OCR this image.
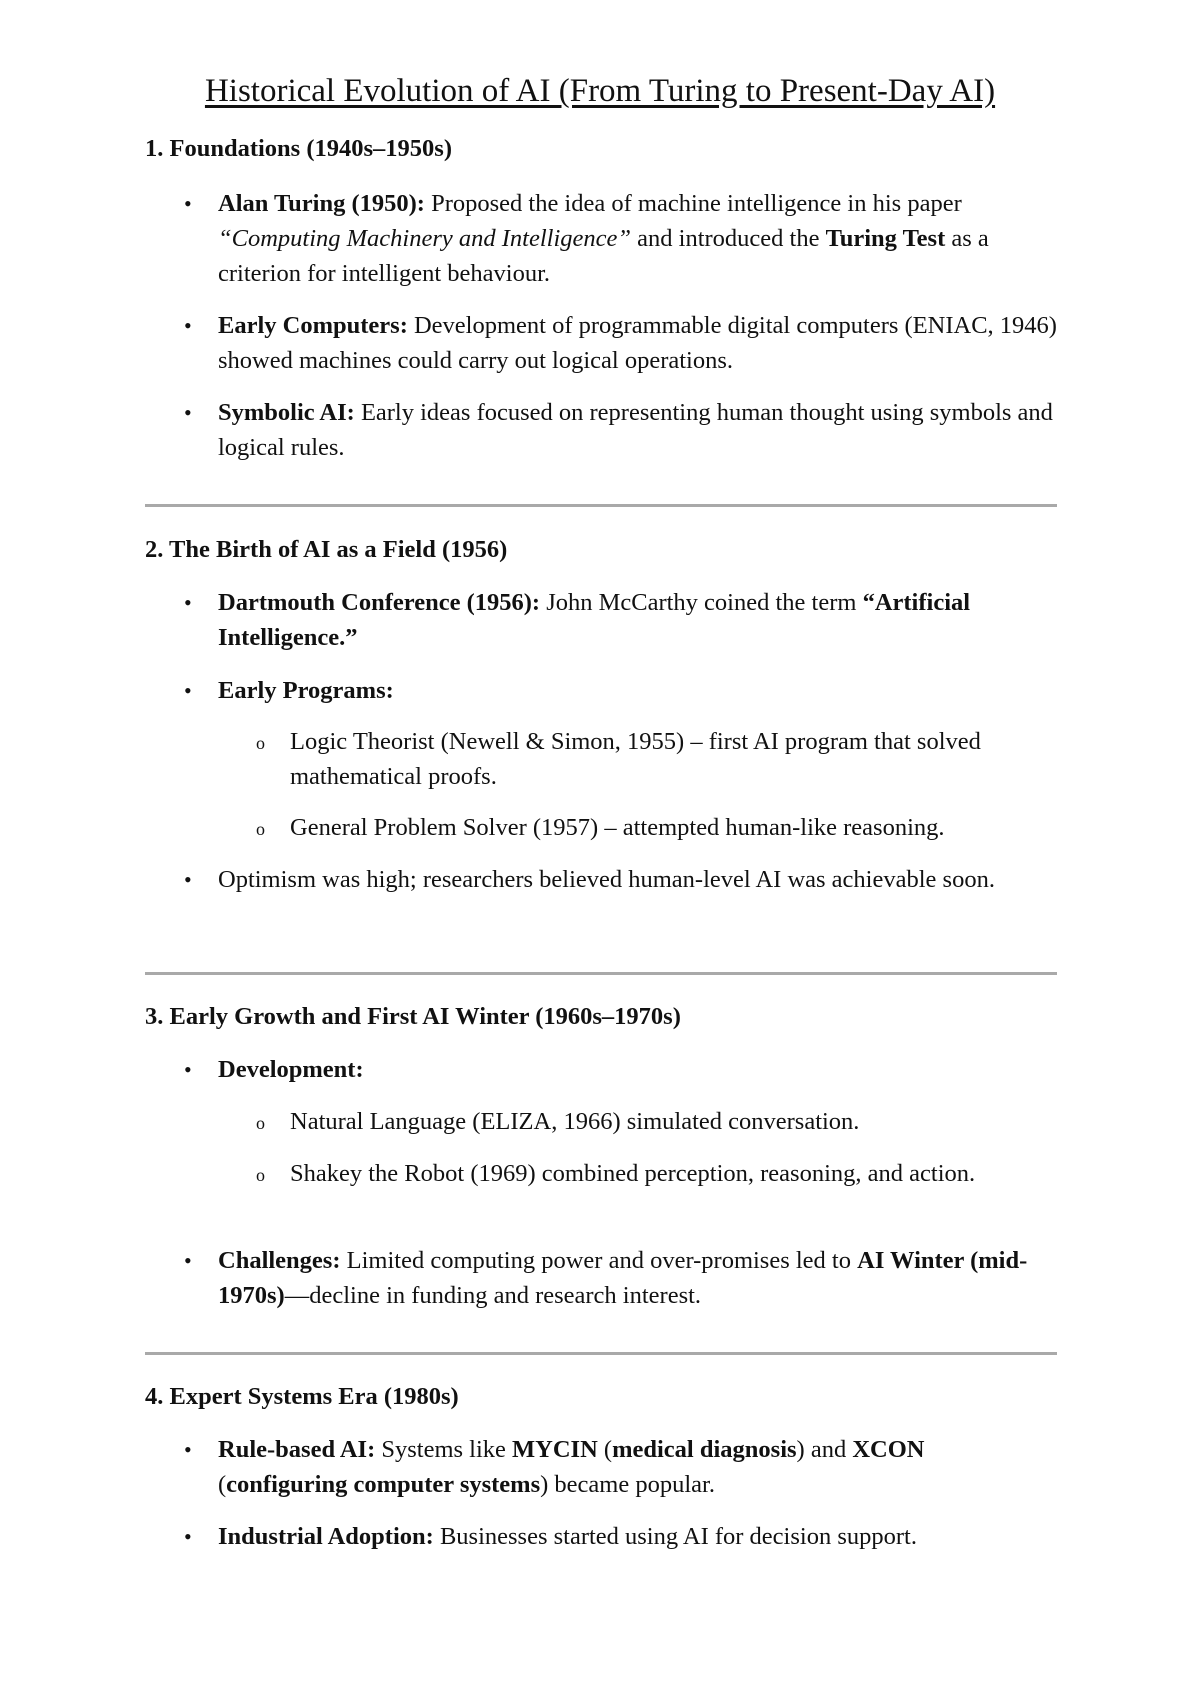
Historical Evolution of AI (From Turing to Present-Day AI)
1. Foundations (1940s–1950s)
• Alan Turing (1950): Proposed the idea of machine intelligence in his paper “Computing Machinery and Intelligence” and introduced the Turing Test as a criterion for intelligent behaviour.
• Early Computers: Development of programmable digital computers (ENIAC, 1946) showed machines could carry out logical operations.
• Symbolic AI: Early ideas focused on representing human thought using symbols and logical rules.
2. The Birth of AI as a Field (1956)
• Dartmouth Conference (1956): John McCarthy coined the term “Artificial Intelligence.”
• Early Programs:
o Logic Theorist (Newell & Simon, 1955) – first AI program that solved mathematical proofs.
o General Problem Solver (1957) – attempted human-like reasoning.
• Optimism was high; researchers believed human-level AI was achievable soon.
3. Early Growth and First AI Winter (1960s–1970s)
• Development:
o Natural Language (ELIZA, 1966) simulated conversation.
o Shakey the Robot (1969) combined perception, reasoning, and action.
• Challenges: Limited computing power and over-promises led to AI Winter (mid-1970s)—decline in funding and research interest.
4. Expert Systems Era (1980s)
• Rule-based AI: Systems like MYCIN (medical diagnosis) and XCON (configuring computer systems) became popular.
• Industrial Adoption: Businesses started using AI for decision support.
